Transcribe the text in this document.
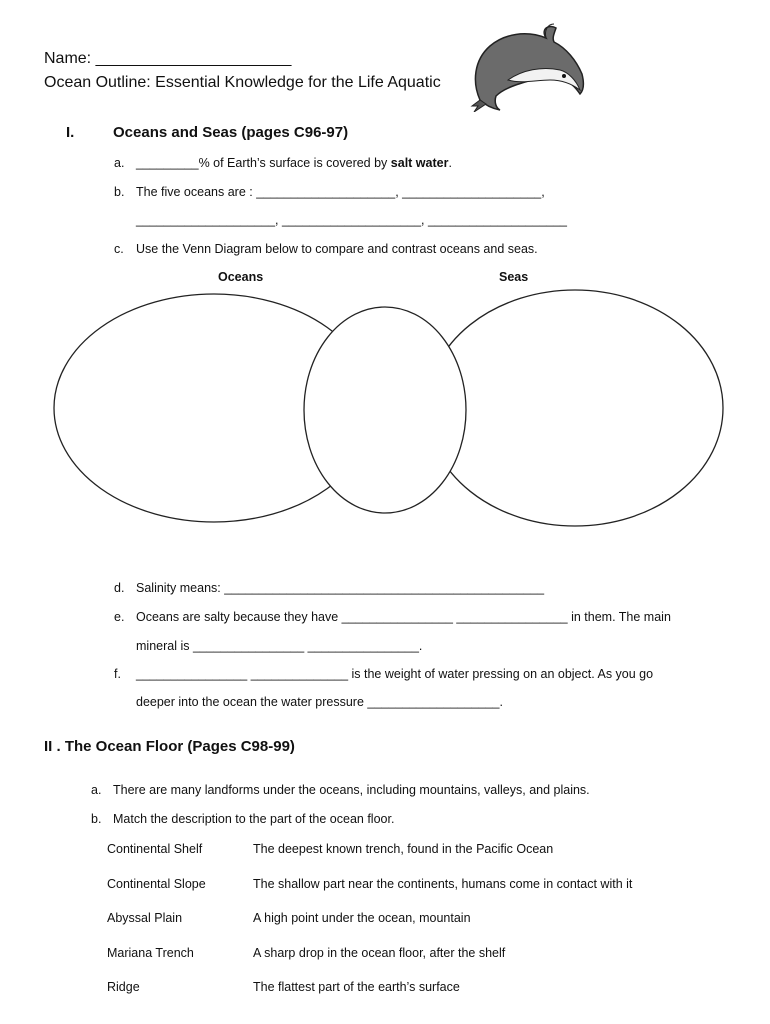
Name: ______________________
Ocean Outline: Essential Knowledge for the Life Aquatic
I.	Oceans and Seas (pages C96-97)
a. _________% of Earth’s surface is covered by salt water.
b. The five oceans are : ____________________, ____________________,
____________________, ____________________, ____________________
c. Use the Venn Diagram below to compare and contrast oceans and seas.
Oceans	Seas
d. Salinity means: ______________________________________________
e. Oceans are salty because they have ________________ ________________ in them. The main
mineral is ________________ ________________.
f. ________________ ______________ is the weight of water pressing on an object. As you go
deeper into the ocean the water pressure ___________________.
II . The Ocean Floor (Pages C98-99)
a. There are many landforms under the oceans, including mountains, valleys, and plains.
b. Match the description to the part of the ocean floor.
Continental Shelf	The deepest known trench, found in the Pacific Ocean
Continental Slope	The shallow part near the continents, humans come in contact with it
Abyssal Plain	A high point under the ocean, mountain
Mariana Trench	A sharp drop in the ocean floor, after the shelf
Ridge	The flattest part of the earth’s surface
